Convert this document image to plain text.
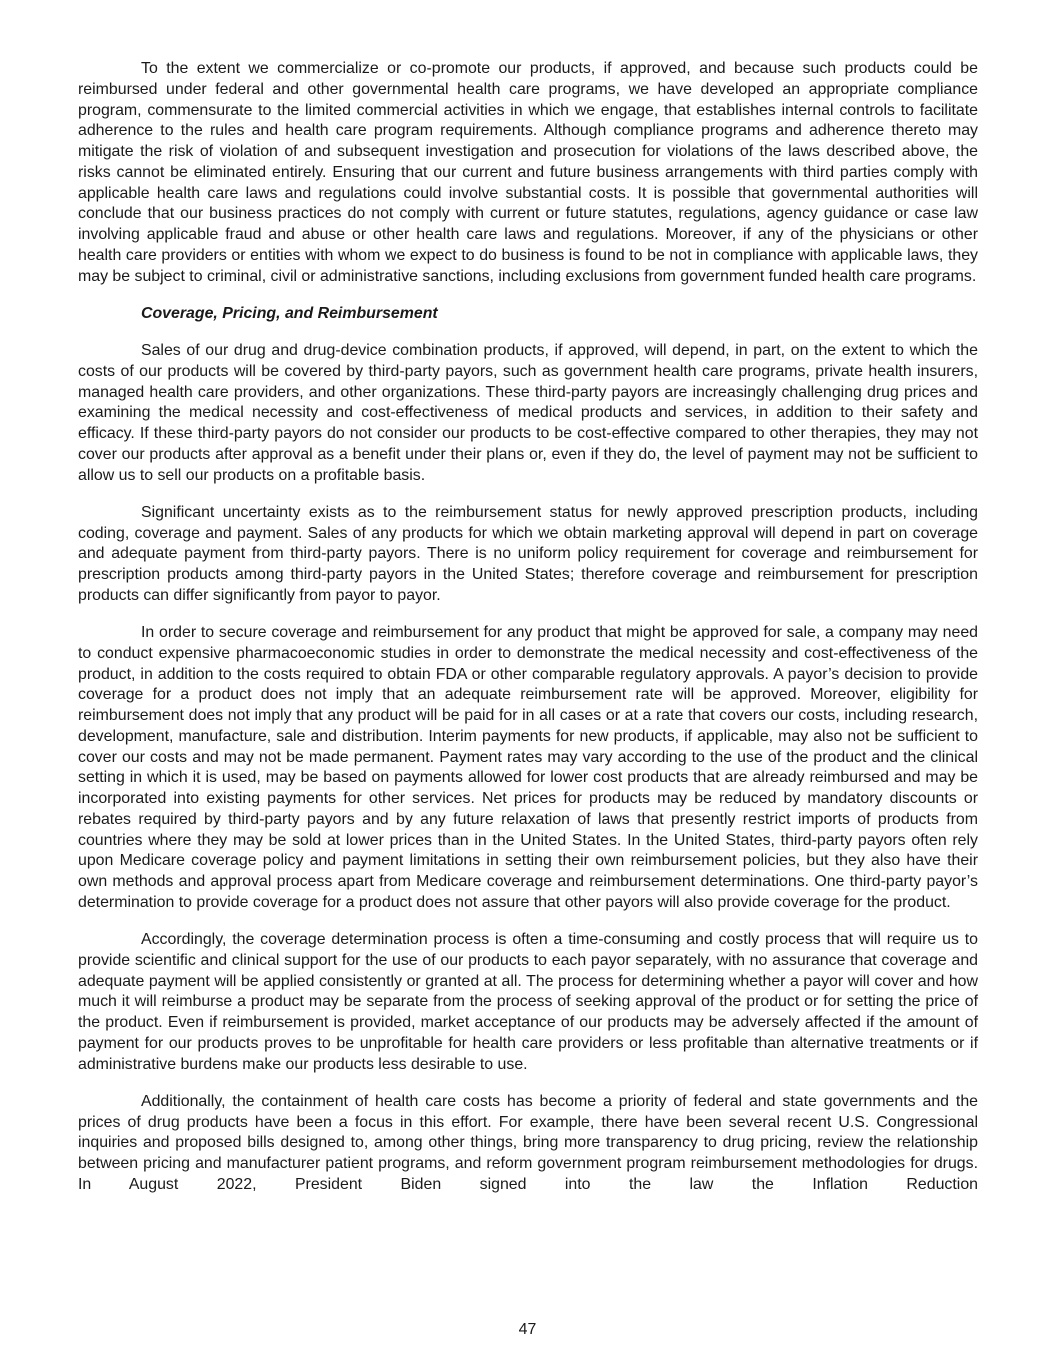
To the extent we commercialize or co-promote our products, if approved, and because such products could be reimbursed under federal and other governmental health care programs, we have developed an appropriate compliance program, commensurate to the limited commercial activities in which we engage, that establishes internal controls to facilitate adherence to the rules and health care program requirements. Although compliance programs and adherence thereto may mitigate the risk of violation of and subsequent investigation and prosecution for violations of the laws described above, the risks cannot be eliminated entirely. Ensuring that our current and future business arrangements with third parties comply with applicable health care laws and regulations could involve substantial costs. It is possible that governmental authorities will conclude that our business practices do not comply with current or future statutes, regulations, agency guidance or case law involving applicable fraud and abuse or other health care laws and regulations. Moreover, if any of the physicians or other health care providers or entities with whom we expect to do business is found to be not in compliance with applicable laws, they may be subject to criminal, civil or administrative sanctions, including exclusions from government funded health care programs.

Coverage, Pricing, and Reimbursement

Sales of our drug and drug-device combination products, if approved, will depend, in part, on the extent to which the costs of our products will be covered by third-party payors, such as government health care programs, private health insurers, managed health care providers, and other organizations. These third-party payors are increasingly challenging drug prices and examining the medical necessity and cost-effectiveness of medical products and services, in addition to their safety and efficacy. If these third-party payors do not consider our products to be cost-effective compared to other therapies, they may not cover our products after approval as a benefit under their plans or, even if they do, the level of payment may not be sufficient to allow us to sell our products on a profitable basis.

Significant uncertainty exists as to the reimbursement status for newly approved prescription products, including coding, coverage and payment. Sales of any products for which we obtain marketing approval will depend in part on coverage and adequate payment from third-party payors. There is no uniform policy requirement for coverage and reimbursement for prescription products among third-party payors in the United States; therefore coverage and reimbursement for prescription products can differ significantly from payor to payor.

In order to secure coverage and reimbursement for any product that might be approved for sale, a company may need to conduct expensive pharmacoeconomic studies in order to demonstrate the medical necessity and cost-effectiveness of the product, in addition to the costs required to obtain FDA or other comparable regulatory approvals. A payor’s decision to provide coverage for a product does not imply that an adequate reimbursement rate will be approved. Moreover, eligibility for reimbursement does not imply that any product will be paid for in all cases or at a rate that covers our costs, including research, development, manufacture, sale and distribution. Interim payments for new products, if applicable, may also not be sufficient to cover our costs and may not be made permanent. Payment rates may vary according to the use of the product and the clinical setting in which it is used, may be based on payments allowed for lower cost products that are already reimbursed and may be incorporated into existing payments for other services. Net prices for products may be reduced by mandatory discounts or rebates required by third-party payors and by any future relaxation of laws that presently restrict imports of products from countries where they may be sold at lower prices than in the United States. In the United States, third-party payors often rely upon Medicare coverage policy and payment limitations in setting their own reimbursement policies, but they also have their own methods and approval process apart from Medicare coverage and reimbursement determinations. One third-party payor’s determination to provide coverage for a product does not assure that other payors will also provide coverage for the product.

Accordingly, the coverage determination process is often a time-consuming and costly process that will require us to provide scientific and clinical support for the use of our products to each payor separately, with no assurance that coverage and adequate payment will be applied consistently or granted at all. The process for determining whether a payor will cover and how much it will reimburse a product may be separate from the process of seeking approval of the product or for setting the price of the product. Even if reimbursement is provided, market acceptance of our products may be adversely affected if the amount of payment for our products proves to be unprofitable for health care providers or less profitable than alternative treatments or if administrative burdens make our products less desirable to use.

Additionally, the containment of health care costs has become a priority of federal and state governments and the prices of drug products have been a focus in this effort. For example, there have been several recent U.S. Congressional inquiries and proposed bills designed to, among other things, bring more transparency to drug pricing, review the relationship between pricing and manufacturer patient programs, and reform government program reimbursement methodologies for drugs. In August 2022, President Biden signed into the law the Inflation Reduction

47
